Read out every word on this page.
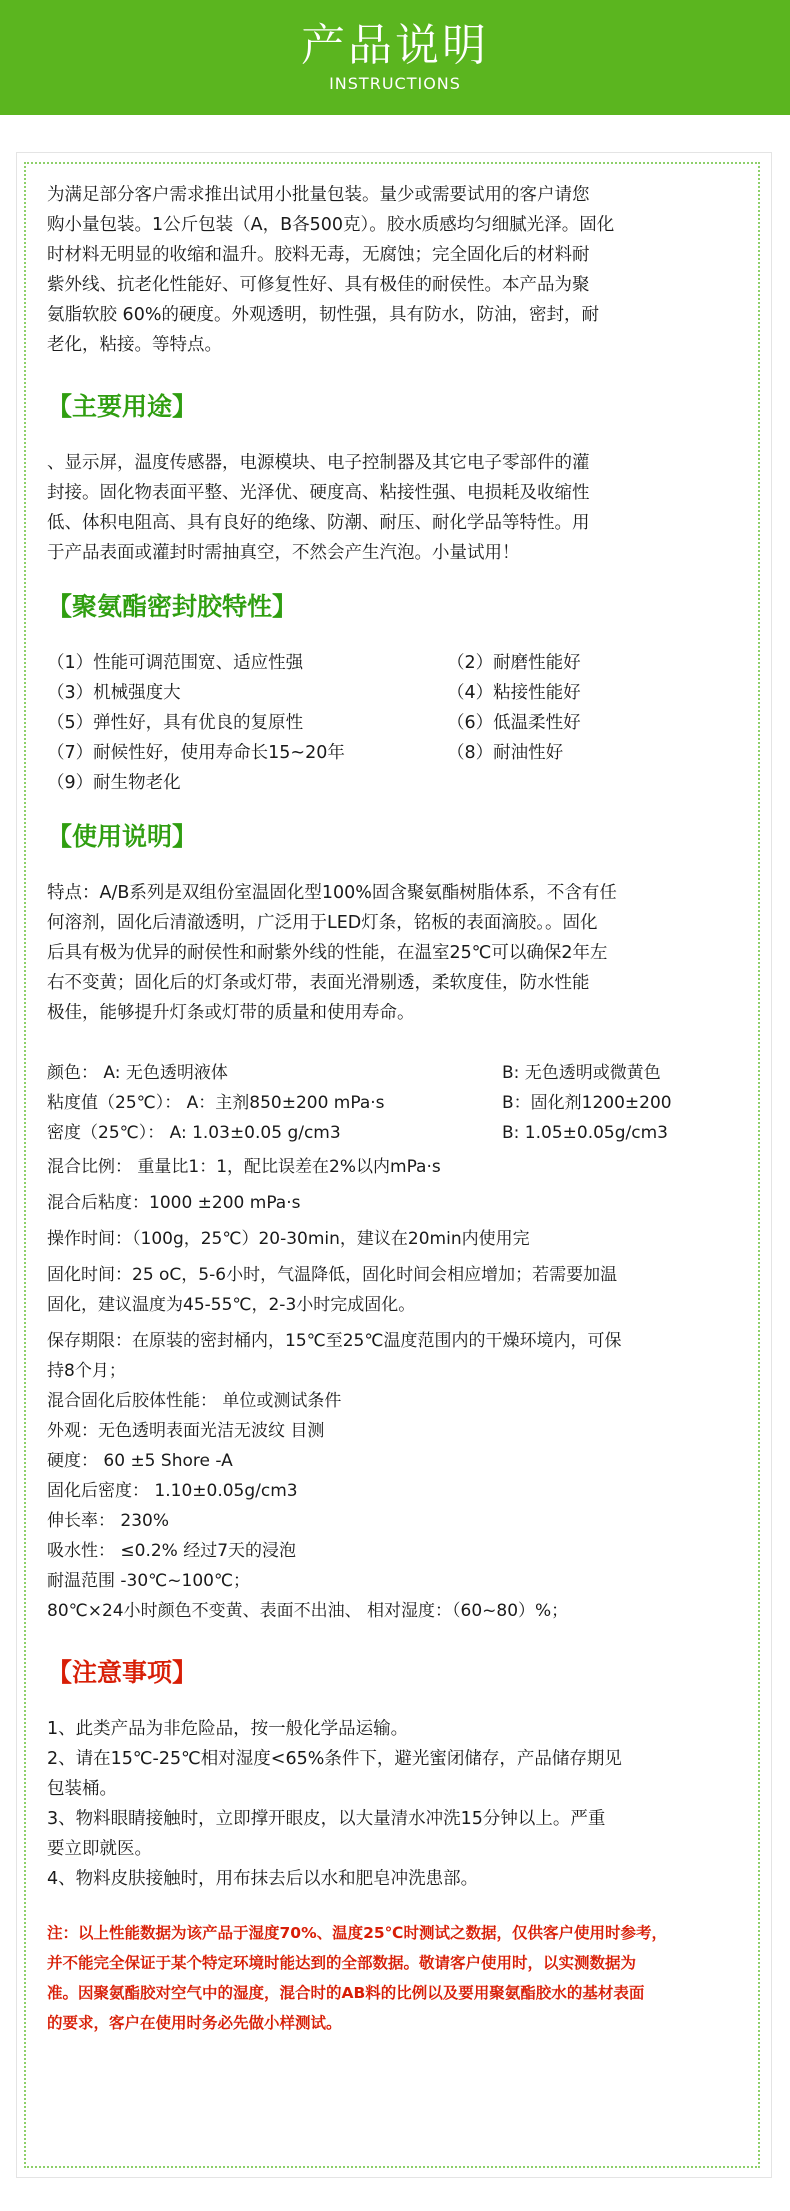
产品说明
INSTRUCTIONS

为满足部分客户需求推出试用小批量包装。量少或需要试用的客户请您
购小量包装。1公斤包装（A，B各500克）。胶水质感均匀细腻光泽。固化
时材料无明显的收缩和温升。胶料无毒，无腐蚀；完全固化后的材料耐
紫外线、抗老化性能好、可修复性好、具有极佳的耐侯性。本产品为聚
氨脂软胶 60%的硬度。外观透明，韧性强，具有防水，防油，密封，耐
老化，粘接。等特点。

【主要用途】

、显示屏，温度传感器，电源模块、电子控制器及其它电子零部件的灌
封接。固化物表面平整、光泽优、硬度高、粘接性强、电损耗及收缩性
低、体积电阻高、具有良好的绝缘、防潮、耐压、耐化学品等特性。用
于产品表面或灌封时需抽真空，不然会产生汽泡。小量试用！

【聚氨酯密封胶特性】

（1）性能可调范围宽、适应性强	（2）耐磨性能好
（3）机械强度大	（4）粘接性能好
（5）弹性好，具有优良的复原性	（6）低温柔性好
（7）耐候性好，使用寿命长15~20年	（8）耐油性好
（9）耐生物老化

【使用说明】

特点：A/B系列是双组份室温固化型100%固含聚氨酯树脂体系，不含有任
何溶剂，固化后清澈透明，广泛用于LED灯条，铭板的表面滴胶。。固化
后具有极为优异的耐侯性和耐紫外线的性能，在温室25℃可以确保2年左
右不变黄；固化后的灯条或灯带，表面光滑剔透，柔软度佳，防水性能
极佳，能够提升灯条或灯带的质量和使用寿命。

颜色： A: 无色透明液体	B: 无色透明或微黄色
粘度值（25℃）： A：主剂850±200 mPa·s	B：固化剂1200±200
密度（25℃）： A: 1.03±0.05 g/cm3	B: 1.05±0.05g/cm3

混合比例： 重量比1：1，配比误差在2%以内mPa·s

混合后粘度：1000 ±200 mPa·s

操作时间：（100g，25℃）20-30min，建议在20min内使用完

固化时间：25 oC，5-6小时，气温降低，固化时间会相应增加；若需要加温
固化，建议温度为45-55℃，2-3小时完成固化。

保存期限：在原装的密封桶内，15℃至25℃温度范围内的干燥环境内，可保
持8个月；

混合固化后胶体性能： 单位或测试条件
外观：无色透明表面光洁无波纹 目测
硬度： 60 ±5 Shore -A
固化后密度： 1.10±0.05g/cm3
伸长率： 230%
吸水性： ≤0.2% 经过7天的浸泡
耐温范围 -30℃~100℃；
80℃×24小时颜色不变黄、表面不出油、 相对湿度：（60~80）%；

【注意事项】

1、此类产品为非危险品，按一般化学品运输。

2、请在15℃-25℃相对湿度<65%条件下，避光蜜闭储存，产品储存期见
包装桶。

3、物料眼睛接触时，立即撑开眼皮，以大量清水冲洗15分钟以上。严重
要立即就医。

4、物料皮肤接触时，用布抹去后以水和肥皂冲洗患部。

注：以上性能数据为该产品于湿度70%、温度25℃时测试之数据，仅供客户使用时参考，
并不能完全保证于某个特定环境时能达到的全部数据。敬请客户使用时，以实测数据为
准。因聚氨酯胶对空气中的湿度，混合时的AB料的比例以及要用聚氨酯胶水的基材表面
的要求，客户在使用时务必先做小样测试。
